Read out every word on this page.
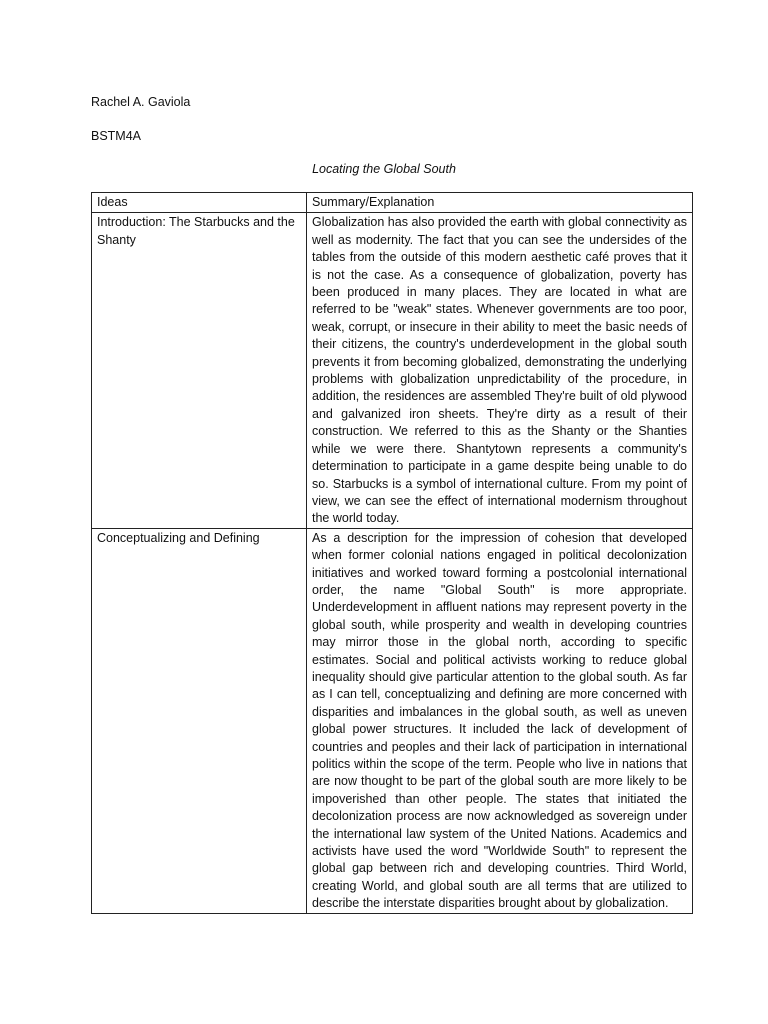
Rachel A. Gaviola
BSTM4A
Locating the Global South
Ideas	Summary/Explanation
Introduction: The Starbucks and the Shanty	Globalization has also provided the earth with global connectivity as well as modernity. The fact that you can see the undersides of the tables from the outside of this modern aesthetic café proves that it is not the case. As a consequence of globalization, poverty has been produced in many places. They are located in what are referred to be "weak" states. Whenever governments are too poor, weak, corrupt, or insecure in their ability to meet the basic needs of their citizens, the country's underdevelopment in the global south prevents it from becoming globalized, demonstrating the underlying problems with globalization unpredictability of the procedure, in addition, the residences are assembled They're built of old plywood and galvanized iron sheets. They're dirty as a result of their construction. We referred to this as the Shanty or the Shanties while we were there. Shantytown represents a community's determination to participate in a game despite being unable to do so. Starbucks is a symbol of international culture. From my point of view, we can see the effect of international modernism throughout the world today.
Conceptualizing and Defining	As a description for the impression of cohesion that developed when former colonial nations engaged in political decolonization initiatives and worked toward forming a postcolonial international order, the name "Global South" is more appropriate. Underdevelopment in affluent nations may represent poverty in the global south, while prosperity and wealth in developing countries may mirror those in the global north, according to specific estimates. Social and political activists working to reduce global inequality should give particular attention to the global south. As far as I can tell, conceptualizing and defining are more concerned with disparities and imbalances in the global south, as well as uneven global power structures. It included the lack of development of countries and peoples and their lack of participation in international politics within the scope of the term. People who live in nations that are now thought to be part of the global south are more likely to be impoverished than other people. The states that initiated the decolonization process are now acknowledged as sovereign under the international law system of the United Nations. Academics and activists have used the word "Worldwide South" to represent the global gap between rich and developing countries. Third World, creating World, and global south are all terms that are utilized to describe the interstate disparities brought about by globalization.
